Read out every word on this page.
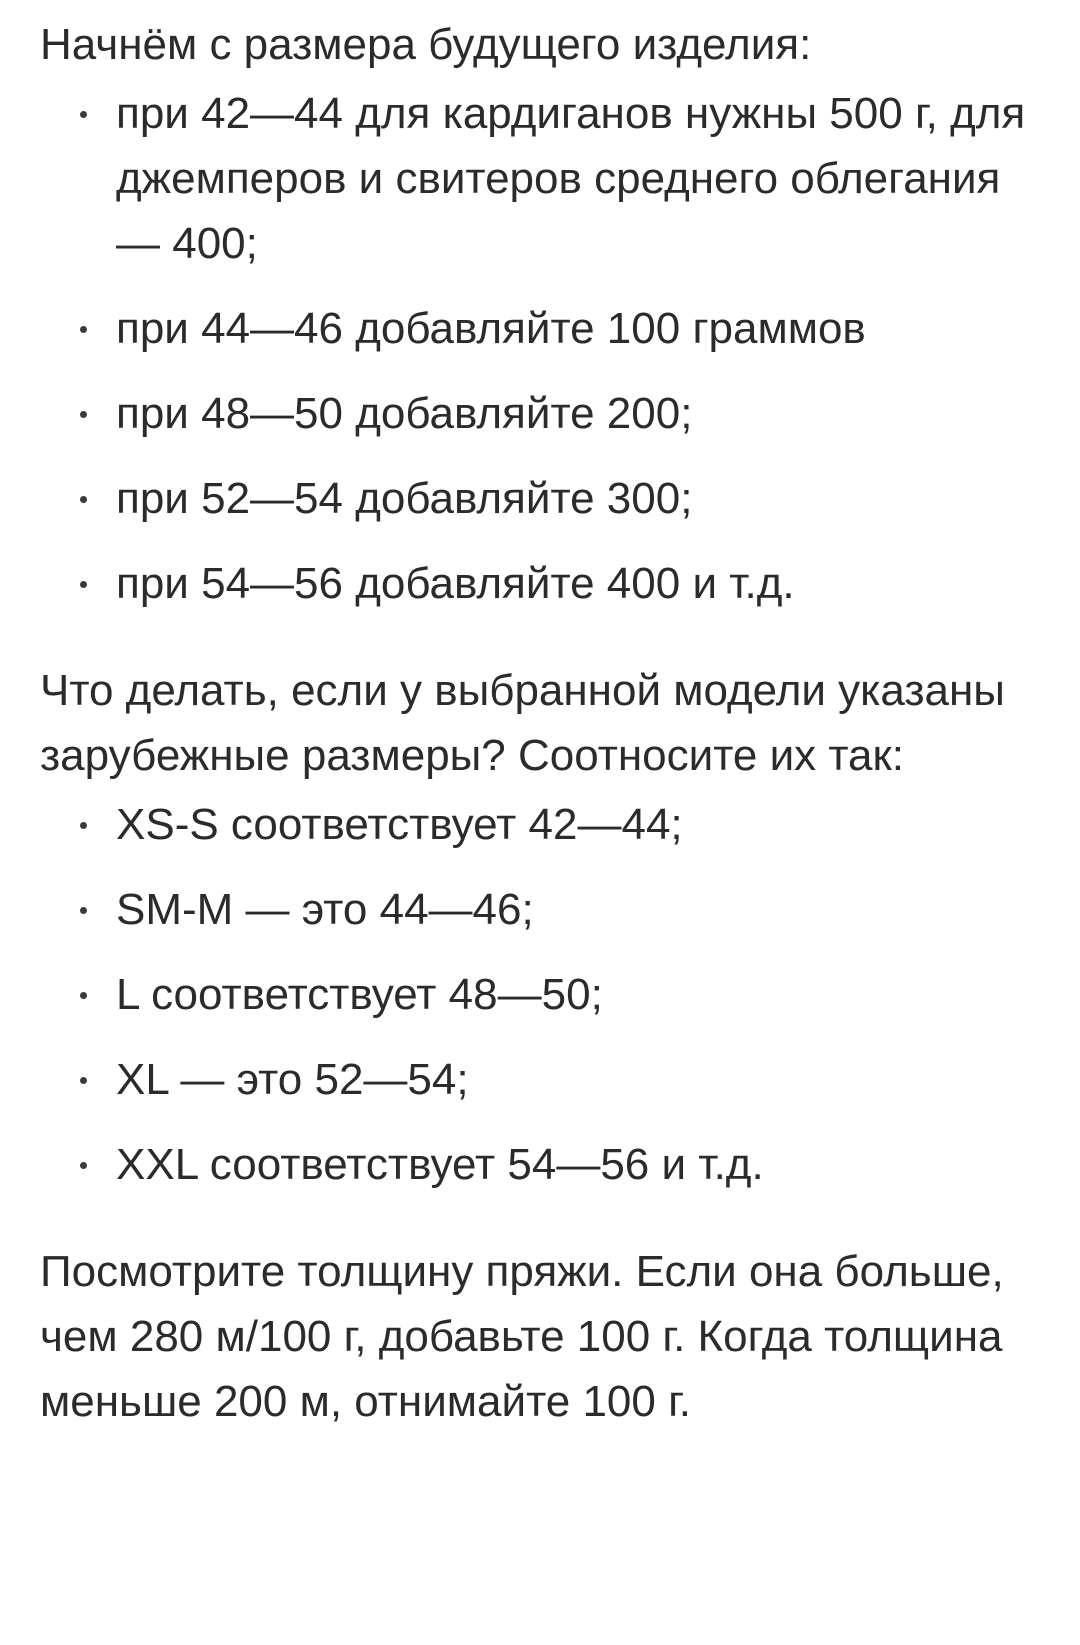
Начнём с размера будущего изделия:

при 42—44 для кардиганов нужны 500 г, для джемперов и свитеров среднего облегания — 400;
при 44—46 добавляйте 100 граммов
при 48—50 добавляйте 200;
при 52—54 добавляйте 300;
при 54—56 добавляйте 400 и т.д.

Что делать, если у выбранной модели указаны зарубежные размеры? Соотносите их так:

XS-S соответствует 42—44;
SM-M — это 44—46;
L соответствует 48—50;
XL — это 52—54;
XXL соответствует 54—56 и т.д.

Посмотрите толщину пряжи. Если она больше, чем 280 м/100 г, добавьте 100 г. Когда толщина меньше 200 м, отнимайте 100 г.
